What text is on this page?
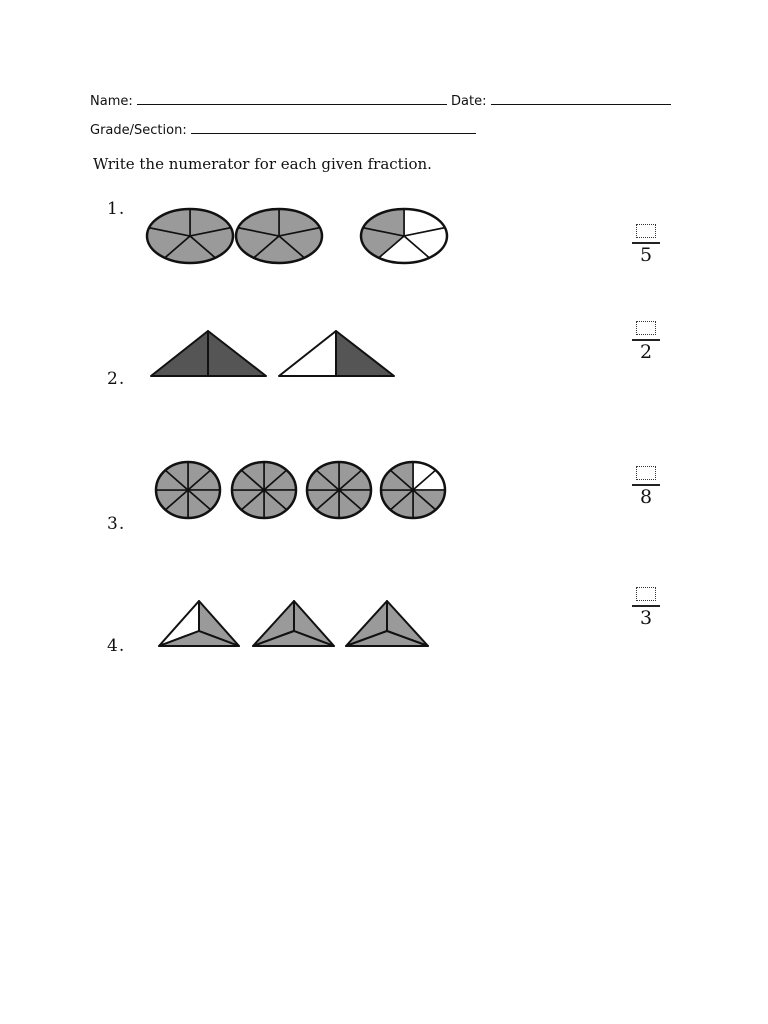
Name:	Date:
Grade/Section:
Write the numerator for each given fraction.
1.
2.
3.
4.
5
2
8
3
